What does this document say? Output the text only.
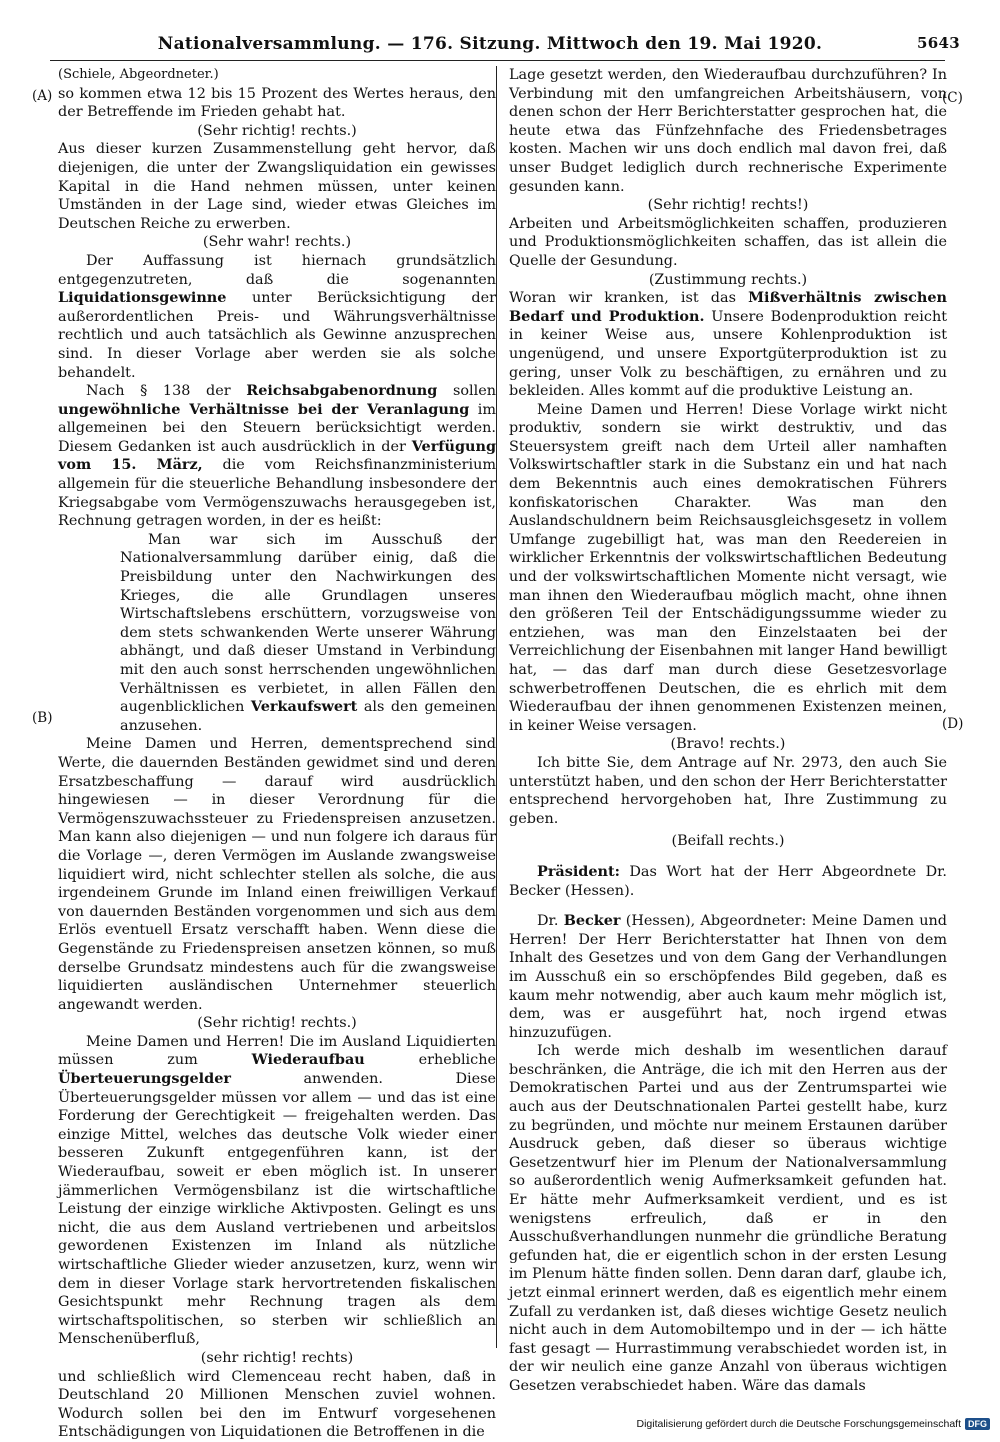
Nationalversammlung. — 176. Sitzung. Mittwoch den 19. Mai 1920.	5643
(A)
(B)
(C)
(D)

(Schiele, Abgeordneter.)

so kommen etwa 12 bis 15 Prozent des Wertes heraus, den der Betreffende im Frieden gehabt hat.

(Sehr richtig! rechts.)

Aus dieser kurzen Zusammenstellung geht hervor, daß diejenigen, die unter der Zwangsliquidation ein gewisses Kapital in die Hand nehmen müssen, unter keinen Umständen in der Lage sind, wieder etwas Gleiches im Deutschen Reiche zu erwerben.

(Sehr wahr! rechts.)

Der Auffassung ist hiernach grundsätzlich entgegenzutreten, daß die sogenannten Liquidationsgewinne unter Berücksichtigung der außerordentlichen Preis- und Währungsverhältnisse rechtlich und auch tatsächlich als Gewinne anzusprechen sind. In dieser Vorlage aber werden sie als solche behandelt.

Nach § 138 der Reichsabgabenordnung sollen ungewöhnliche Verhältnisse bei der Veranlagung im allgemeinen bei den Steuern berücksichtigt werden. Diesem Gedanken ist auch ausdrücklich in der Verfügung vom 15. März, die vom Reichsfinanzministerium allgemein für die steuerliche Behandlung insbesondere der Kriegsabgabe vom Vermögenszuwachs herausgegeben ist, Rechnung getragen worden, in der es heißt:

Man war sich im Ausschuß der Nationalversammlung darüber einig, daß die Preisbildung unter den Nachwirkungen des Krieges, die alle Grundlagen unseres Wirtschaftslebens erschüttern, vorzugsweise von dem stets schwankenden Werte unserer Währung abhängt, und daß dieser Umstand in Verbindung mit den auch sonst herrschenden ungewöhnlichen Verhältnissen es verbietet, in allen Fällen den augenblicklichen Verkaufswert als den gemeinen anzusehen.

Meine Damen und Herren, dementsprechend sind Werte, die dauernden Beständen gewidmet sind und deren Ersatzbeschaffung — darauf wird ausdrücklich hingewiesen — in dieser Verordnung für die Vermögenszuwachssteuer zu Friedenspreisen anzusetzen. Man kann also diejenigen — und nun folgere ich daraus für die Vorlage —, deren Vermögen im Auslande zwangsweise liquidiert wird, nicht schlechter stellen als solche, die aus irgendeinem Grunde im Inland einen freiwilligen Verkauf von dauernden Beständen vorgenommen und sich aus dem Erlös eventuell Ersatz verschafft haben. Wenn diese die Gegenstände zu Friedenspreisen ansetzen können, so muß derselbe Grundsatz mindestens auch für die zwangsweise liquidierten ausländischen Unternehmer steuerlich angewandt werden.

(Sehr richtig! rechts.)

Meine Damen und Herren! Die im Ausland Liquidierten müssen zum	Wiederaufbau	erhebliche Überteuerungsgelder	anwenden. Diese Überteuerungsgelder müssen vor allem — und das ist eine Forderung der Gerechtigkeit — freigehalten werden. Das einzige Mittel, welches das deutsche Volk wieder einer besseren Zukunft entgegenführen kann, ist der Wiederaufbau, soweit er eben möglich ist. In unserer jämmerlichen Vermögensbilanz ist die wirtschaftliche Leistung der einzige wirkliche Aktivposten. Gelingt es uns nicht, die aus dem Ausland vertriebenen und arbeitslos gewordenen Existenzen im Inland als nützliche wirtschaftliche Glieder wieder anzusetzen, kurz, wenn wir dem in dieser Vorlage stark hervortretenden fiskalischen Gesichtspunkt mehr Rechnung tragen als dem wirtschaftspolitischen, so sterben wir schließlich an Menschenüberfluß,

(sehr richtig! rechts)

und schließlich wird Clemenceau recht haben, daß in Deutschland 20 Millionen Menschen zuviel wohnen. Wodurch sollen bei den im Entwurf vorgesehenen Entschädigungen von Liquidationen die Betroffenen in die

Lage gesetzt werden, den Wiederaufbau durchzuführen? In Verbindung mit den umfangreichen Arbeitshäusern, von denen schon der Herr Berichterstatter gesprochen hat, die heute etwa das Fünfzehnfache des Friedensbetrages kosten. Machen wir uns doch endlich mal davon frei, daß unser Budget lediglich durch rechnerische Experimente gesunden kann.

(Sehr richtig! rechts!)

Arbeiten und Arbeitsmöglichkeiten schaffen, produzieren und Produktionsmöglichkeiten schaffen, das ist allein die Quelle der Gesundung.

(Zustimmung rechts.)

Woran wir kranken, ist das Mißverhältnis zwischen Bedarf und Produktion. Unsere Bodenproduktion reicht in keiner Weise aus, unsere Kohlenproduktion ist ungenügend, und unsere Exportgüterproduktion ist zu gering, unser Volk zu beschäftigen, zu ernähren und zu bekleiden. Alles kommt auf die produktive Leistung an.

Meine Damen und Herren! Diese Vorlage wirkt nicht produktiv, sondern sie wirkt destruktiv, und das Steuersystem greift nach dem Urteil aller namhaften Volkswirtschaftler stark in die Substanz ein und hat nach dem Bekenntnis auch eines demokratischen Führers konfiskatorischen Charakter. Was man den Auslandschuldnern beim Reichsausgleichsgesetz in vollem Umfange zugebilligt hat, was man den Reedereien in wirklicher Erkenntnis der volkswirtschaftlichen Bedeutung und der volkswirtschaftlichen Momente nicht versagt, wie man ihnen den Wiederaufbau möglich macht, ohne ihnen den größeren Teil der Entschädigungssumme wieder zu entziehen, was man den Einzelstaaten bei der Verreichlichung der Eisenbahnen mit langer Hand bewilligt hat, — das darf man durch diese Gesetzesvorlage schwerbetroffenen Deutschen, die es ehrlich mit dem Wiederaufbau der ihnen genommenen Existenzen meinen, in keiner Weise versagen.

(Bravo! rechts.)

Ich bitte Sie, dem Antrage auf Nr. 2973, den auch Sie unterstützt haben, und den schon der Herr Berichterstatter entsprechend hervorgehoben hat, Ihre Zustimmung zu geben.

(Beifall rechts.)

Präsident: Das Wort hat der Herr Abgeordnete Dr. Becker (Hessen).

Dr. Becker (Hessen), Abgeordneter: Meine Damen und Herren! Der Herr Berichterstatter hat Ihnen von dem Inhalt des Gesetzes und von dem Gang der Verhandlungen im Ausschuß ein so erschöpfendes Bild gegeben, daß es kaum mehr notwendig, aber auch kaum mehr möglich ist, dem, was er ausgeführt hat, noch irgend etwas hinzuzufügen.

Ich werde mich deshalb im wesentlichen darauf beschränken, die Anträge, die ich mit den Herren aus der Demokratischen Partei und aus der Zentrumspartei wie auch aus der Deutschnationalen Partei gestellt habe, kurz zu begründen, und möchte nur meinem Erstaunen darüber Ausdruck geben, daß dieser so überaus wichtige Gesetzentwurf hier im Plenum der Nationalversammlung so außerordentlich wenig Aufmerksamkeit gefunden hat. Er hätte mehr Aufmerksamkeit verdient, und es ist wenigstens erfreulich, daß er in den Ausschußverhandlungen nunmehr die gründliche Beratung gefunden hat, die er eigentlich schon in der ersten Lesung im Plenum hätte finden sollen. Denn daran darf, glaube ich, jetzt einmal erinnert werden, daß es eigentlich mehr einem Zufall zu verdanken ist, daß dieses wichtige Gesetz neulich nicht auch in dem Automobiltempo und in der — ich hätte fast gesagt — Hurrastimmung verabschiedet worden ist, in der wir neulich eine ganze Anzahl von überaus wichtigen Gesetzen verabschiedet haben. Wäre das damals

Digitalisierung gefördert durch die Deutsche Forschungsgemeinschaft DFG
